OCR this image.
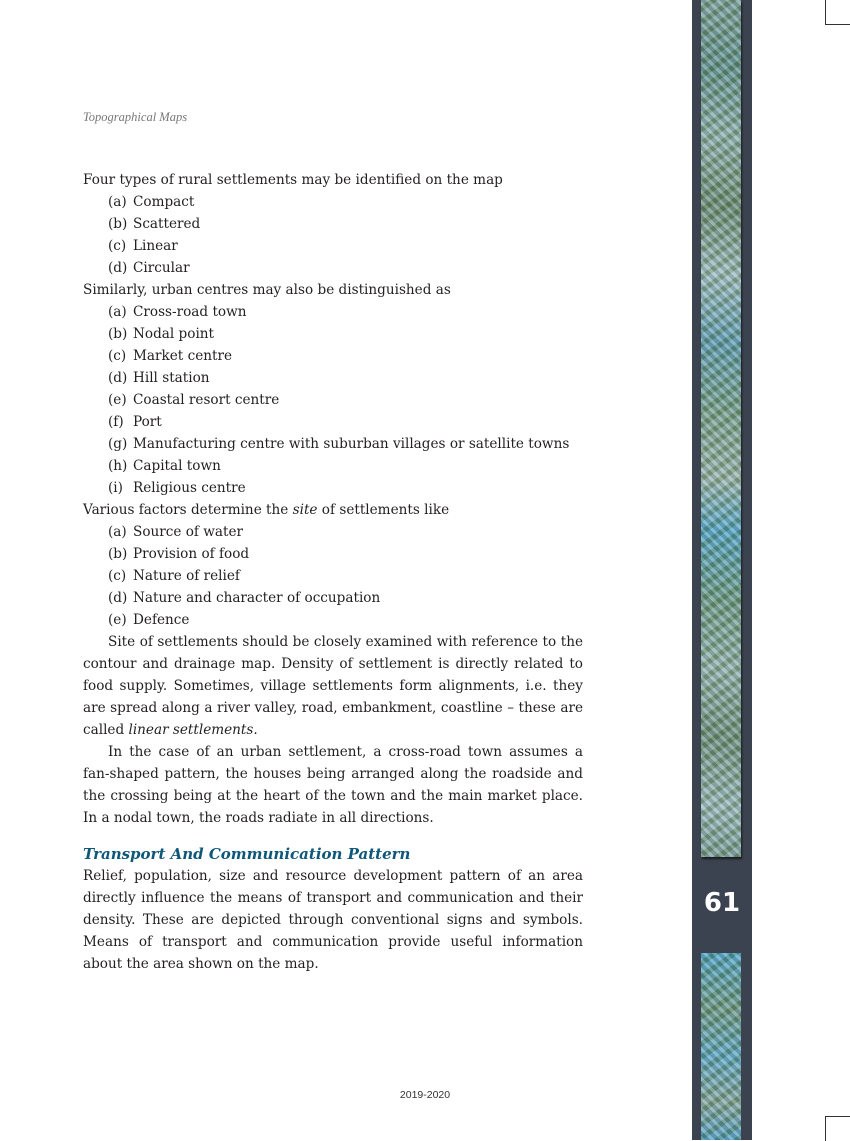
Topographical Maps

Four types of rural settlements may be identified on the map

(a) Compact

(b) Scattered

(c) Linear

(d) Circular

Similarly, urban centres may also be distinguished as

(a) Cross-road town

(b) Nodal point

(c) Market centre

(d) Hill station

(e) Coastal resort centre

(f) Port

(g) Manufacturing centre with suburban villages or satellite towns

(h) Capital town

(i) Religious centre

Various factors determine the site of settlements like

(a) Source of water

(b) Provision of food

(c) Nature of relief

(d) Nature and character of occupation

(e) Defence

Site of settlements should be closely examined with reference to the contour and drainage map. Density of settlement is directly related to food supply. Sometimes, village settlements form alignments, i.e. they are spread along a river valley, road, embankment, coastline – these are called linear settlements.

In the case of an urban settlement, a cross-road town assumes a fan-shaped pattern, the houses being arranged along the roadside and the crossing being at the heart of the town and the main market place. In a nodal town, the roads radiate in all directions.

Transport And Communication Pattern

Relief, population, size and resource development pattern of an area directly influence the means of transport and communication and their density. These are depicted through conventional signs and symbols. Means of transport and communication provide useful information about the area shown on the map.

2019-2020
61
